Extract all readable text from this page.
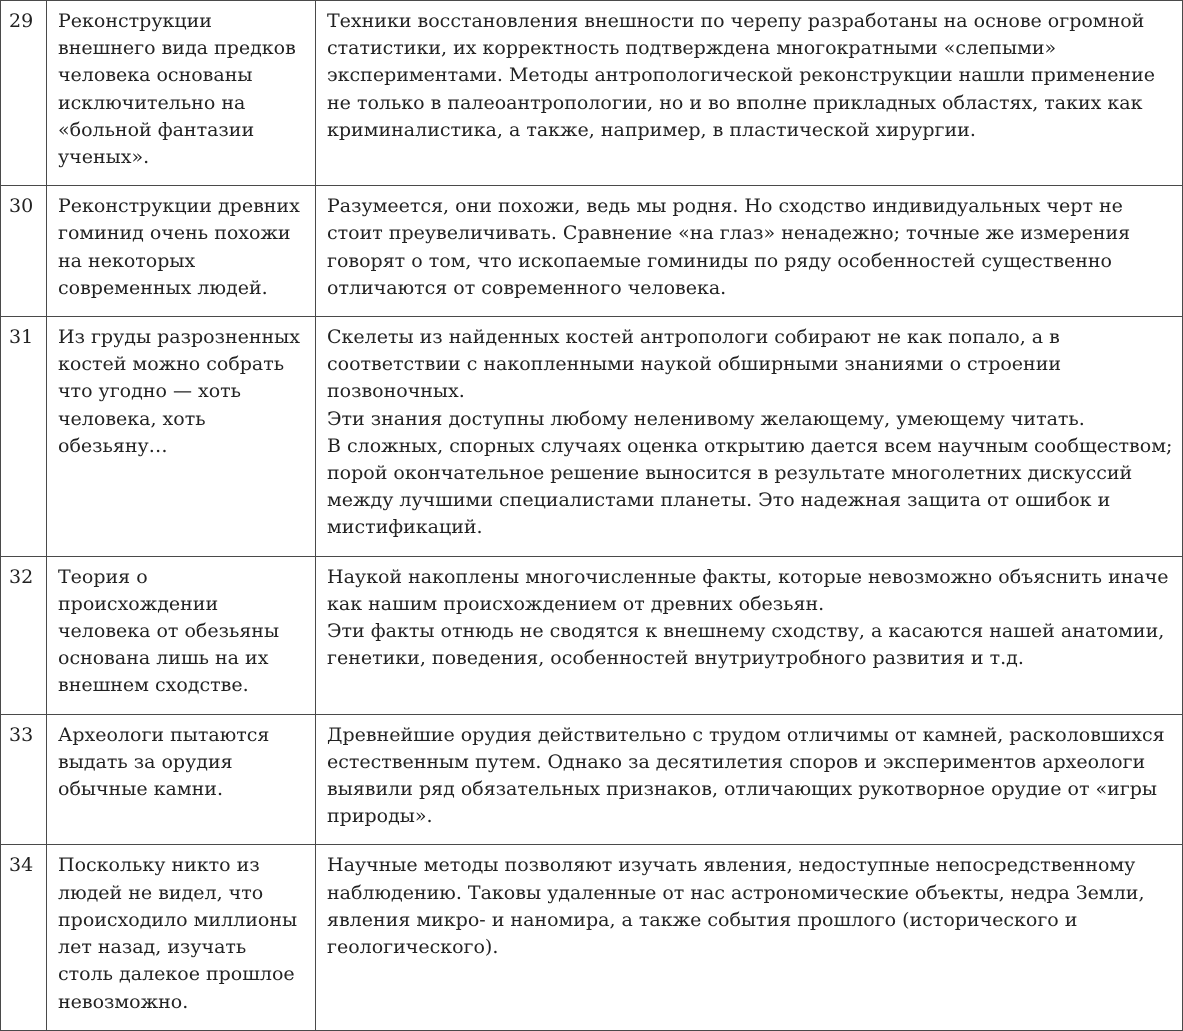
29	Реконструкции внешнего вида предков человека основаны исключительно на «больной фантазии ученых».	Техники восстановления внешности по черепу разработаны на основе огромной статистики, их корректность подтверждена многократными «слепыми» экспериментами. Методы антропологической реконструкции нашли применение не только в палеоантропологии, но и во вполне прикладных областях, таких как криминалистика, а также, например, в пластической хирургии.

30	Реконструкции древних гоминид очень похожи на некоторых современных людей.	Разумеется, они похожи, ведь мы родня. Но сходство индивидуальных черт не стоит преувеличивать. Сравнение «на глаз» ненадежно; точные же измерения говорят о том, что ископаемые гоминиды по ряду особенностей существенно отличаются от современного человека.

31	Из груды разрозненных костей можно собрать что угодно — хоть человека, хоть обезьяну…	Скелеты из найденных костей антропологи собирают не как попало, а в соответствии с накопленными наукой обширными знаниями о строении позвоночных.
Эти знания доступны любому неленивому желающему, умеющему читать.
В сложных, спорных случаях оценка открытию дается всем научным сообществом; порой окончательное решение выносится в результате многолетних дискуссий между лучшими специалистами планеты. Это надежная защита от ошибок и мистификаций.

32	Теория о происхождении человека от обезьяны основана лишь на их внешнем сходстве.	Наукой накоплены многочисленные факты, которые невозможно объяснить иначе как нашим происхождением от древних обезьян.
Эти факты отнюдь не сводятся к внешнему сходству, а касаются нашей анатомии, генетики, поведения, особенностей внутриутробного развития и т.д.

33	Археологи пытаются выдать за орудия обычные камни.	Древнейшие орудия действительно с трудом отличимы от камней, расколовшихся естественным путем. Однако за десятилетия споров и экспериментов археологи выявили ряд обязательных признаков, отличающих рукотворное орудие от «игры природы».

34	Поскольку никто из людей не видел, что происходило миллионы лет назад, изучать столь далекое прошлое невозможно.	Научные методы позволяют изучать явления, недоступные непосредственному наблюдению. Таковы удаленные от нас астрономические объекты, недра Земли, явления микро- и наномира, а также события прошлого (исторического и геологического).
